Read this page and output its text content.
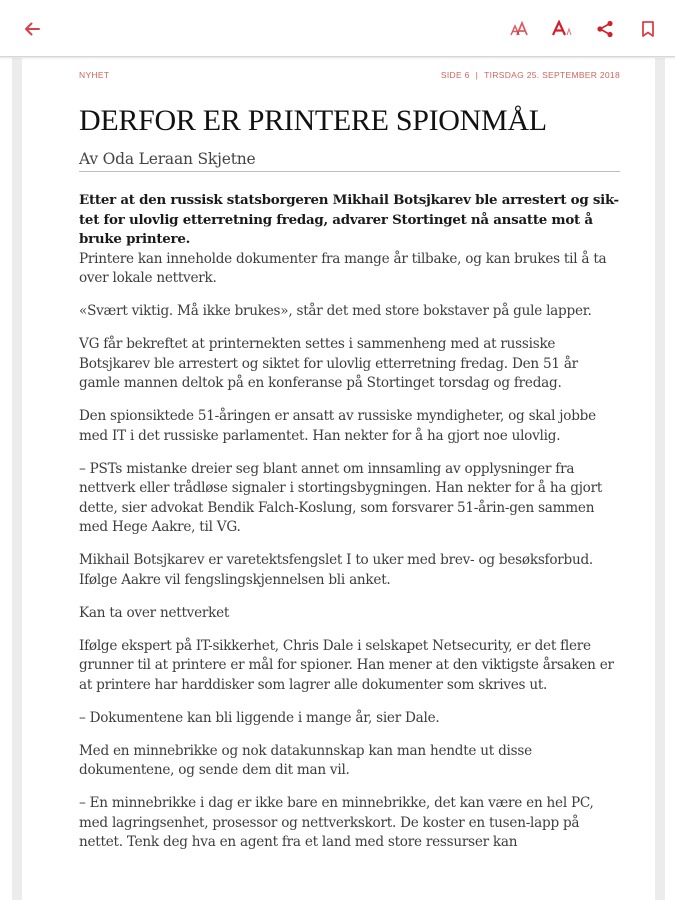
NYHET	SIDE 6 | TIRSDAG 25. SEPTEMBER 2018
DERFOR ER PRINTERE SPIONMÅL
Av Oda Leraan Skjetne

Etter at den russisk statsborgeren Mikhail Botsjkarev ble arrestert og sik-tet for ulovlig etterretning fredag, advarer Stortinget nå ansatte mot å bruke printere.

Printere kan inneholde dokumenter fra mange år tilbake, og kan brukes til å ta over lokale nettverk.

«Svært viktig. Må ikke brukes», står det med store bokstaver på gule lapper.

VG får bekreftet at printernekten settes i sammenheng med at russiske Botsjkarev ble arrestert og siktet for ulovlig etterretning fredag. Den 51 år gamle mannen deltok på en konferanse på Stortinget torsdag og fredag.

Den spionsiktede 51-åringen er ansatt av russiske myndigheter, og skal jobbe med IT i det russiske parlamentet. Han nekter for å ha gjort noe ulovlig.

– PSTs mistanke dreier seg blant annet om innsamling av opplysninger fra nettverk eller trådløse signaler i stortingsbygningen. Han nekter for å ha gjort dette, sier advokat Bendik Falch-Koslung, som forsvarer 51-årin-gen sammen med Hege Aakre, til VG.

Mikhail Botsjkarev er varetektsfengslet I to uker med brev- og besøksforbud. Ifølge Aakre vil fengslingskjennelsen bli anket.

Kan ta over nettverket

Ifølge ekspert på IT-sikkerhet, Chris Dale i selskapet Netsecurity, er det flere grunner til at printere er mål for spioner. Han mener at den viktigste årsaken er at printere har harddisker som lagrer alle dokumenter som skrives ut.

– Dokumentene kan bli liggende i mange år, sier Dale.

Med en minnebrikke og nok datakunnskap kan man hendte ut disse dokumentene, og sende dem dit man vil.

– En minnebrikke i dag er ikke bare en minnebrikke, det kan være en hel PC, med lagringsenhet, prosessor og nettverkskort. De koster en tusen-lapp på nettet. Tenk deg hva en agent fra et land med store ressurser kan
